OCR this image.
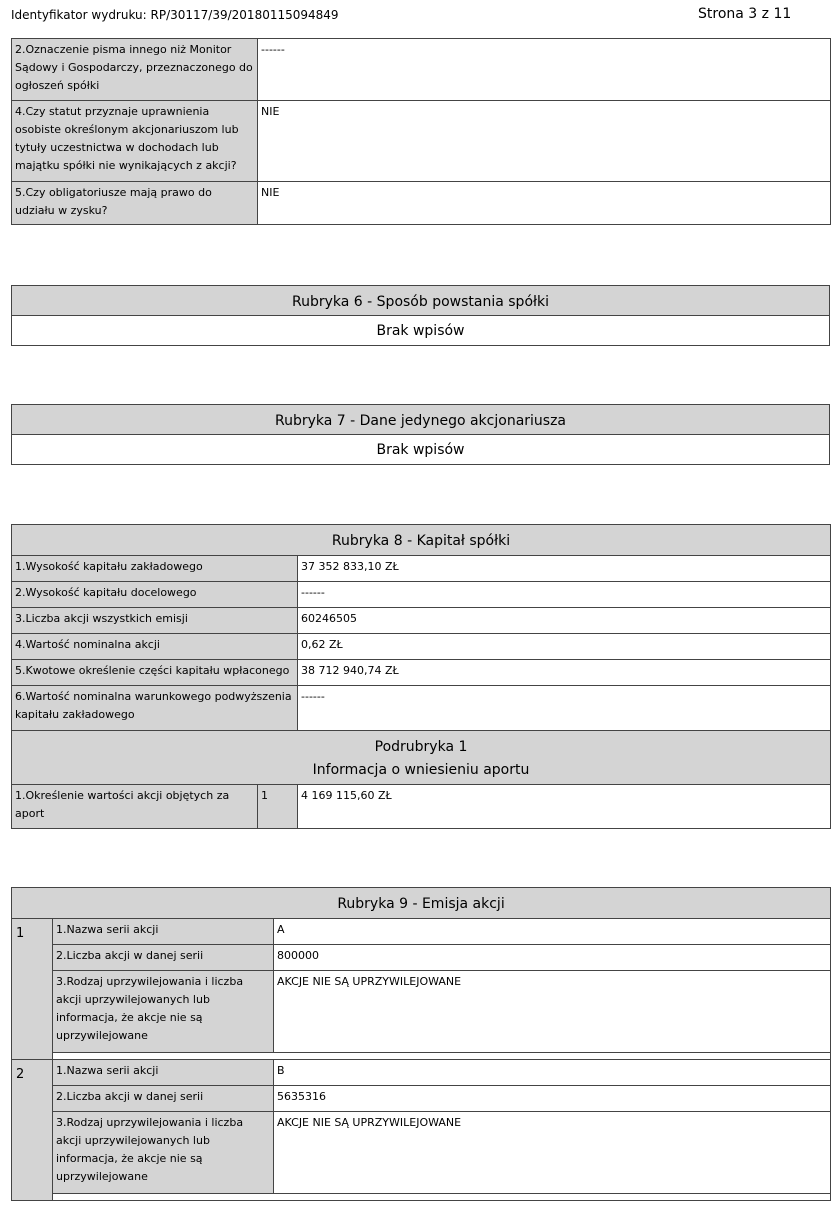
Identyfikator wydruku: RP/30117/39/20180115094849	Strona 3 z 11
2.Oznaczenie pisma innego niż Monitor Sądowy i Gospodarczy, przeznaczonego do ogłoszeń spółki	------
4.Czy statut przyznaje uprawnienia osobiste określonym akcjonariuszom lub tytuły uczestnictwa w dochodach lub majątku spółki nie wynikających z akcji?	NIE
5.Czy obligatoriusze mają prawo do udziału w zysku?	NIE
Rubryka 6 - Sposób powstania spółki
Brak wpisów
Rubryka 7 - Dane jedynego akcjonariusza
Brak wpisów
Rubryka 8 - Kapitał spółki		
1.Wysokość kapitału zakładowego		37 352 833,10 ZŁ
2.Wysokość kapitału docelowego		------
3.Liczba akcji wszystkich emisji		60246505
4.Wartość nominalna akcji		0,62 ZŁ
5.Kwotowe określenie części kapitału wpłaconego		38 712 940,74 ZŁ
6.Wartość nominalna warunkowego podwyższenia kapitału zakładowego		------

Podrubryka 1
Informacja o wniesieniu aportu		

1.Określenie wartości akcji objętych za aport	1	4 169 115,60 ZŁ
Rubryka 9 - Emisja akcji		
1	1.Nazwa serii akcji	A
	2.Liczba akcji w danej serii	800000
	3.Rodzaj uprzywilejowania i liczba akcji uprzywilejowanych lub informacja, że akcje nie są uprzywilejowane	AKCJE NIE SĄ UPRZYWILEJOWANE

2	1.Nazwa serii akcji	B
	2.Liczba akcji w danej serii	5635316
	3.Rodzaj uprzywilejowania i liczba akcji uprzywilejowanych lub informacja, że akcje nie są uprzywilejowane	AKCJE NIE SĄ UPRZYWILEJOWANE
